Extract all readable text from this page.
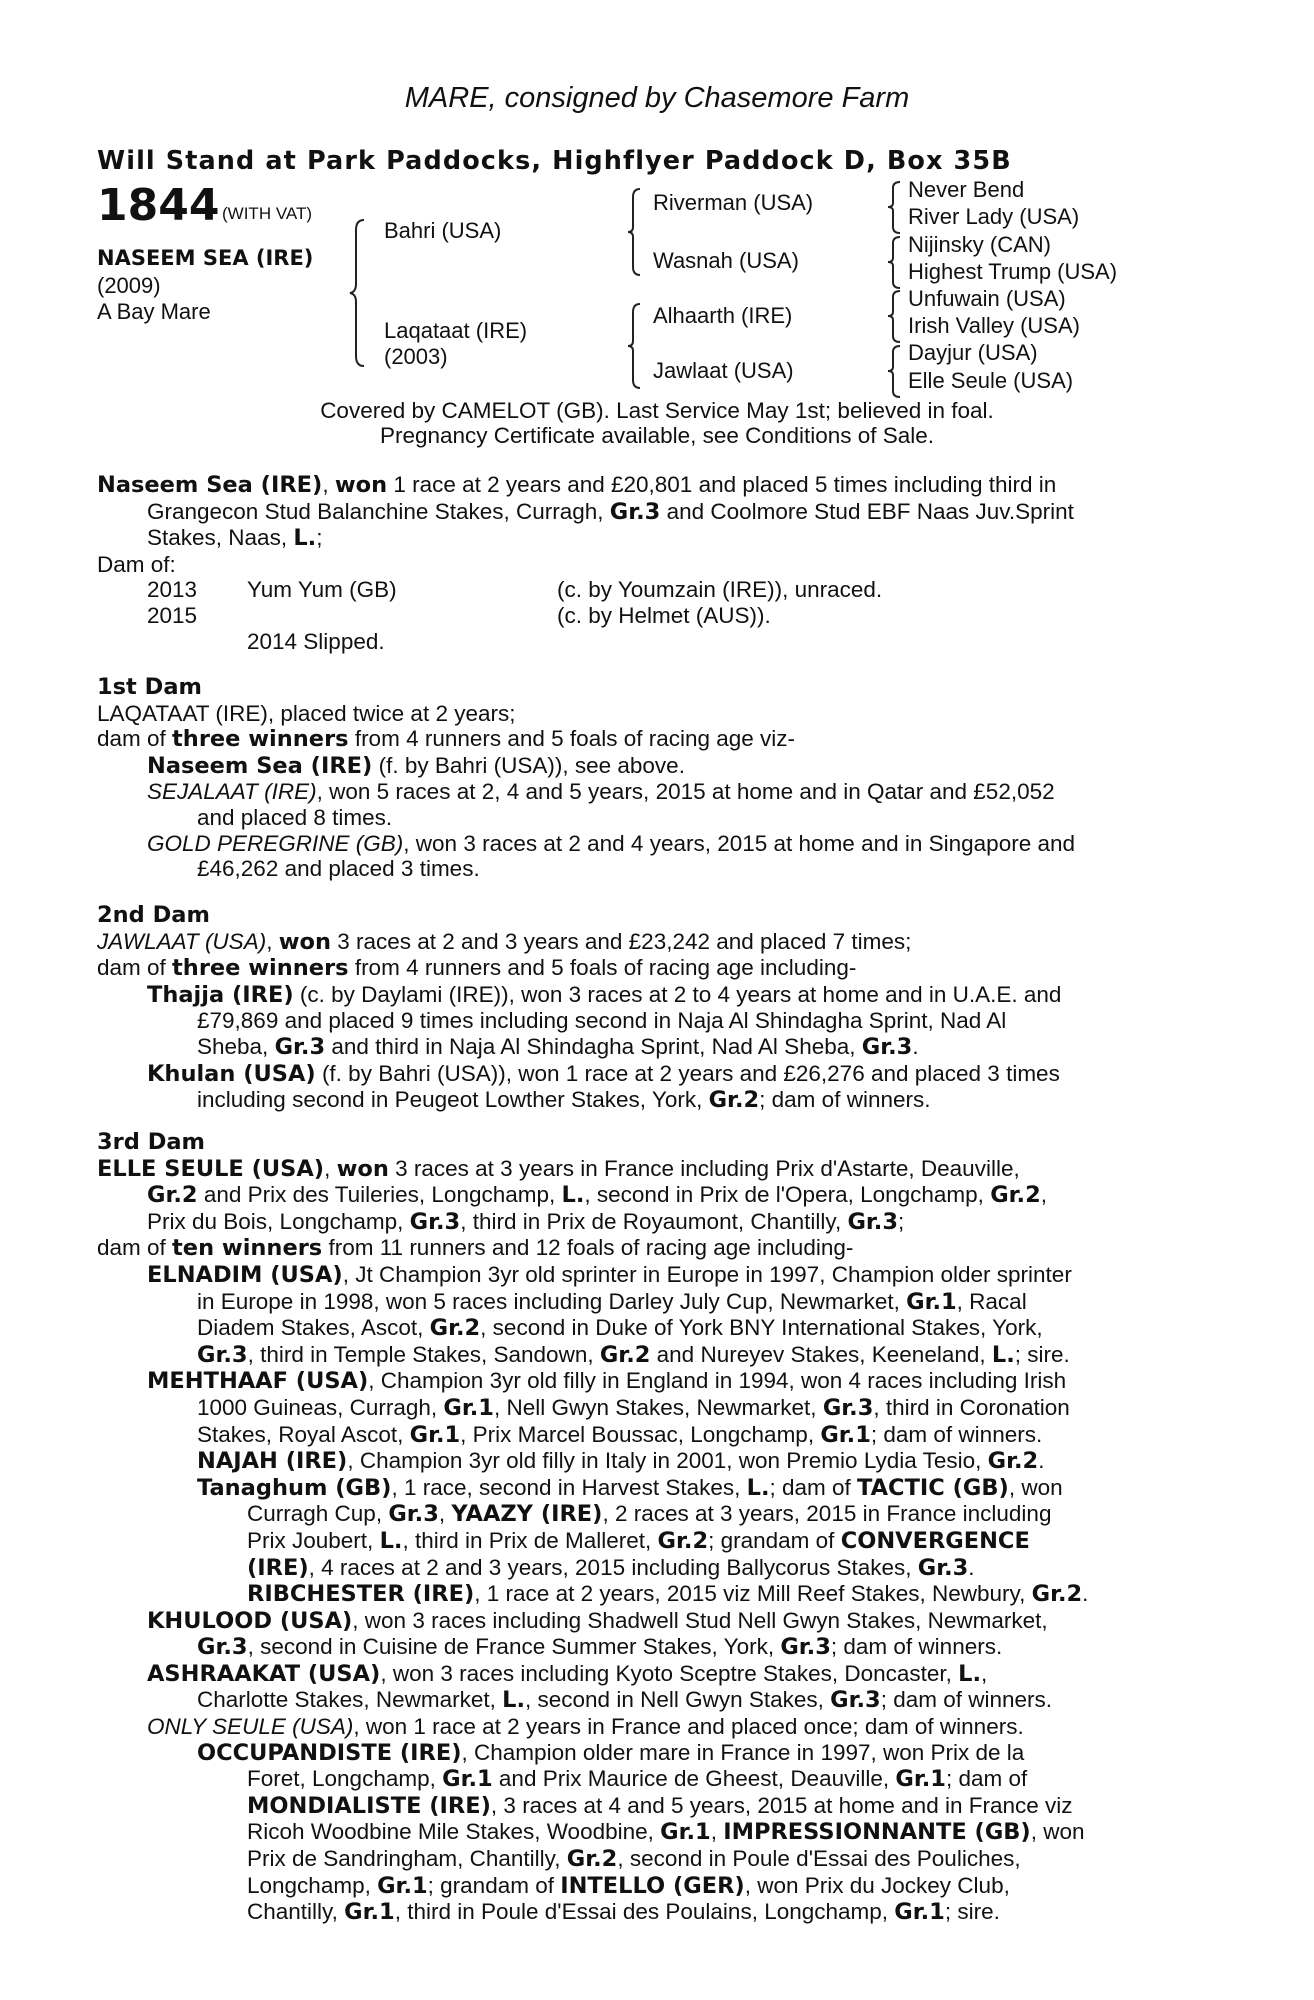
MARE, consigned by Chasemore Farm
Will Stand at Park Paddocks, Highflyer Paddock D, Box 35B
1844 (WITH VAT)
NASEEM SEA (IRE)
(2009)
A Bay Mare
Bahri (USA)
Laqataat (IRE)
(2003)
Riverman (USA)
Wasnah (USA)
Alhaarth (IRE)
Jawlaat (USA)
Never Bend
River Lady (USA)
Nijinsky (CAN)
Highest Trump (USA)
Unfuwain (USA)
Irish Valley (USA)
Dayjur (USA)
Elle Seule (USA)
Covered by CAMELOT (GB). Last Service May 1st; believed in foal.
Pregnancy Certificate available, see Conditions of Sale.
Naseem Sea (IRE), won 1 race at 2 years and £20,801 and placed 5 times including third in
Grangecon Stud Balanchine Stakes, Curragh, Gr.3 and Coolmore Stud EBF Naas Juv.Sprint
Stakes, Naas, L.;
Dam of:
2013 Yum Yum (GB)	(c. by Youmzain (IRE)), unraced.
2015	(c. by Helmet (AUS)).
2014 Slipped.
1st Dam
LAQATAAT (IRE), placed twice at 2 years;
dam of three winners from 4 runners and 5 foals of racing age viz-
Naseem Sea (IRE) (f. by Bahri (USA)), see above.
SEJALAAT (IRE), won 5 races at 2, 4 and 5 years, 2015 at home and in Qatar and £52,052
and placed 8 times.
GOLD PEREGRINE (GB), won 3 races at 2 and 4 years, 2015 at home and in Singapore and
£46,262 and placed 3 times.
2nd Dam
JAWLAAT (USA), won 3 races at 2 and 3 years and £23,242 and placed 7 times;
dam of three winners from 4 runners and 5 foals of racing age including-
Thajja (IRE) (c. by Daylami (IRE)), won 3 races at 2 to 4 years at home and in U.A.E. and
£79,869 and placed 9 times including second in Naja Al Shindagha Sprint, Nad Al
Sheba, Gr.3 and third in Naja Al Shindagha Sprint, Nad Al Sheba, Gr.3.
Khulan (USA) (f. by Bahri (USA)), won 1 race at 2 years and £26,276 and placed 3 times
including second in Peugeot Lowther Stakes, York, Gr.2; dam of winners.
3rd Dam
ELLE SEULE (USA), won 3 races at 3 years in France including Prix d'Astarte, Deauville,
Gr.2 and Prix des Tuileries, Longchamp, L., second in Prix de l'Opera, Longchamp, Gr.2,
Prix du Bois, Longchamp, Gr.3, third in Prix de Royaumont, Chantilly, Gr.3;
dam of ten winners from 11 runners and 12 foals of racing age including-
ELNADIM (USA), Jt Champion 3yr old sprinter in Europe in 1997, Champion older sprinter
in Europe in 1998, won 5 races including Darley July Cup, Newmarket, Gr.1, Racal
Diadem Stakes, Ascot, Gr.2, second in Duke of York BNY International Stakes, York,
Gr.3, third in Temple Stakes, Sandown, Gr.2 and Nureyev Stakes, Keeneland, L.; sire.
MEHTHAAF (USA), Champion 3yr old filly in England in 1994, won 4 races including Irish
1000 Guineas, Curragh, Gr.1, Nell Gwyn Stakes, Newmarket, Gr.3, third in Coronation
Stakes, Royal Ascot, Gr.1, Prix Marcel Boussac, Longchamp, Gr.1; dam of winners.
NAJAH (IRE), Champion 3yr old filly in Italy in 2001, won Premio Lydia Tesio, Gr.2.
Tanaghum (GB), 1 race, second in Harvest Stakes, L.; dam of TACTIC (GB), won
Curragh Cup, Gr.3, YAAZY (IRE), 2 races at 3 years, 2015 in France including
Prix Joubert, L., third in Prix de Malleret, Gr.2; grandam of CONVERGENCE
(IRE), 4 races at 2 and 3 years, 2015 including Ballycorus Stakes, Gr.3.
RIBCHESTER (IRE), 1 race at 2 years, 2015 viz Mill Reef Stakes, Newbury, Gr.2.
KHULOOD (USA), won 3 races including Shadwell Stud Nell Gwyn Stakes, Newmarket,
Gr.3, second in Cuisine de France Summer Stakes, York, Gr.3; dam of winners.
ASHRAAKAT (USA), won 3 races including Kyoto Sceptre Stakes, Doncaster, L.,
Charlotte Stakes, Newmarket, L., second in Nell Gwyn Stakes, Gr.3; dam of winners.
ONLY SEULE (USA), won 1 race at 2 years in France and placed once; dam of winners.
OCCUPANDISTE (IRE), Champion older mare in France in 1997, won Prix de la
Foret, Longchamp, Gr.1 and Prix Maurice de Gheest, Deauville, Gr.1; dam of
MONDIALISTE (IRE), 3 races at 4 and 5 years, 2015 at home and in France viz
Ricoh Woodbine Mile Stakes, Woodbine, Gr.1, IMPRESSIONNANTE (GB), won
Prix de Sandringham, Chantilly, Gr.2, second in Poule d'Essai des Pouliches,
Longchamp, Gr.1; grandam of INTELLO (GER), won Prix du Jockey Club,
Chantilly, Gr.1, third in Poule d'Essai des Poulains, Longchamp, Gr.1; sire.
